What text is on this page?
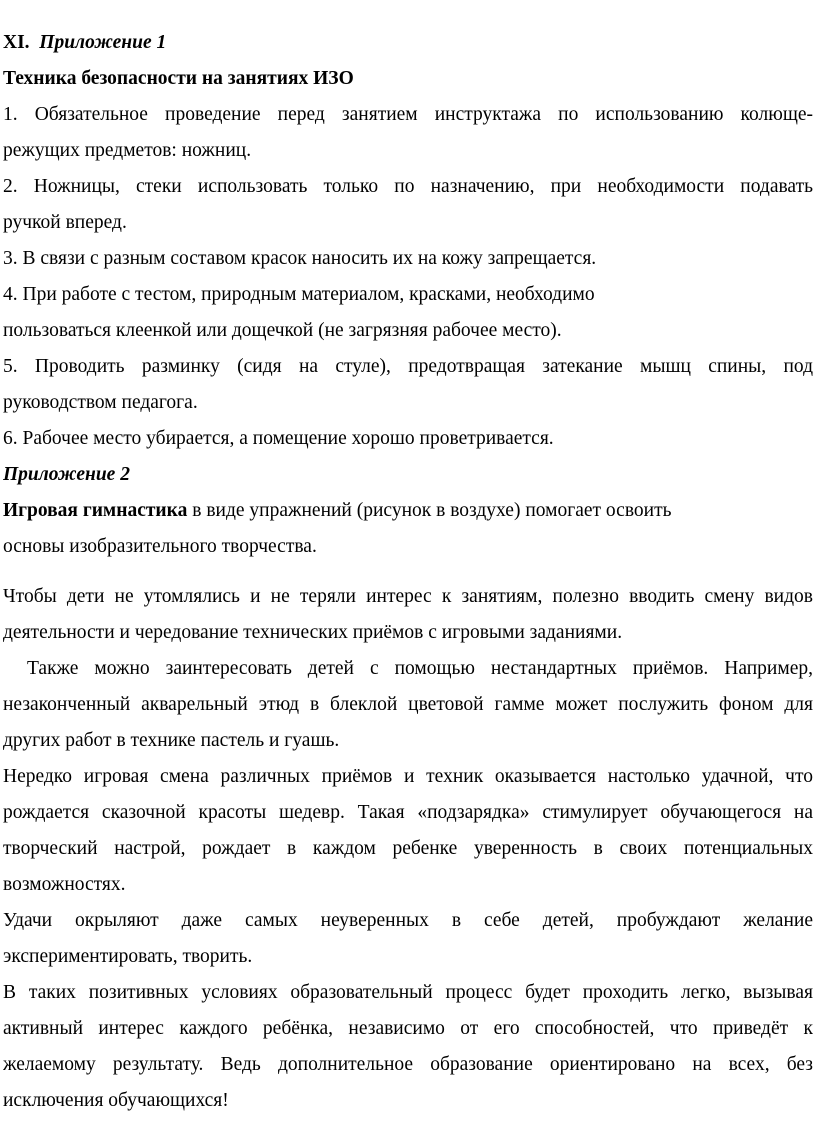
XI. Приложение 1
Техника безопасности на занятиях ИЗО
1. Обязательное проведение перед занятием инструктажа по использованию колюще-
режущих предметов: ножниц.
2. Ножницы, стеки использовать только по назначению, при необходимости подавать
ручкой вперед.
3. В связи с разным составом красок наносить их на кожу запрещается.
4. При работе с тестом, природным материалом, красками, необходимо
пользоваться клеенкой или дощечкой (не загрязняя рабочее место).
5. Проводить разминку (сидя на стуле), предотвращая затекание мышц спины, под
руководством педагога.
6. Рабочее место убирается, а помещение хорошо проветривается.
Приложение 2
Игровая гимнастика в виде упражнений (рисунок в воздухе) помогает освоить
основы изобразительного творчества.
Чтобы дети не утомлялись и не теряли интерес к занятиям, полезно вводить смену видов
деятельности и чередование технических приёмов с игровыми заданиями.
Также можно заинтересовать детей с помощью нестандартных приёмов. Например,
незаконченный акварельный этюд в блеклой цветовой гамме может послужить фоном для
других работ в технике пастель и гуашь.
Нередко игровая смена различных приёмов и техник оказывается настолько удачной, что
рождается сказочной красоты шедевр. Такая «подзарядка» стимулирует обучающегося на
творческий настрой, рождает в каждом ребенке уверенность в своих потенциальных
возможностях.
Удачи окрыляют даже самых неуверенных в себе детей, пробуждают желание
экспериментировать, творить.
В таких позитивных условиях образовательный процесс будет проходить легко, вызывая
активный интерес каждого ребёнка, независимо от его способностей, что приведёт к
желаемому результату. Ведь дополнительное образование ориентировано на всех, без
исключения обучающихся!
